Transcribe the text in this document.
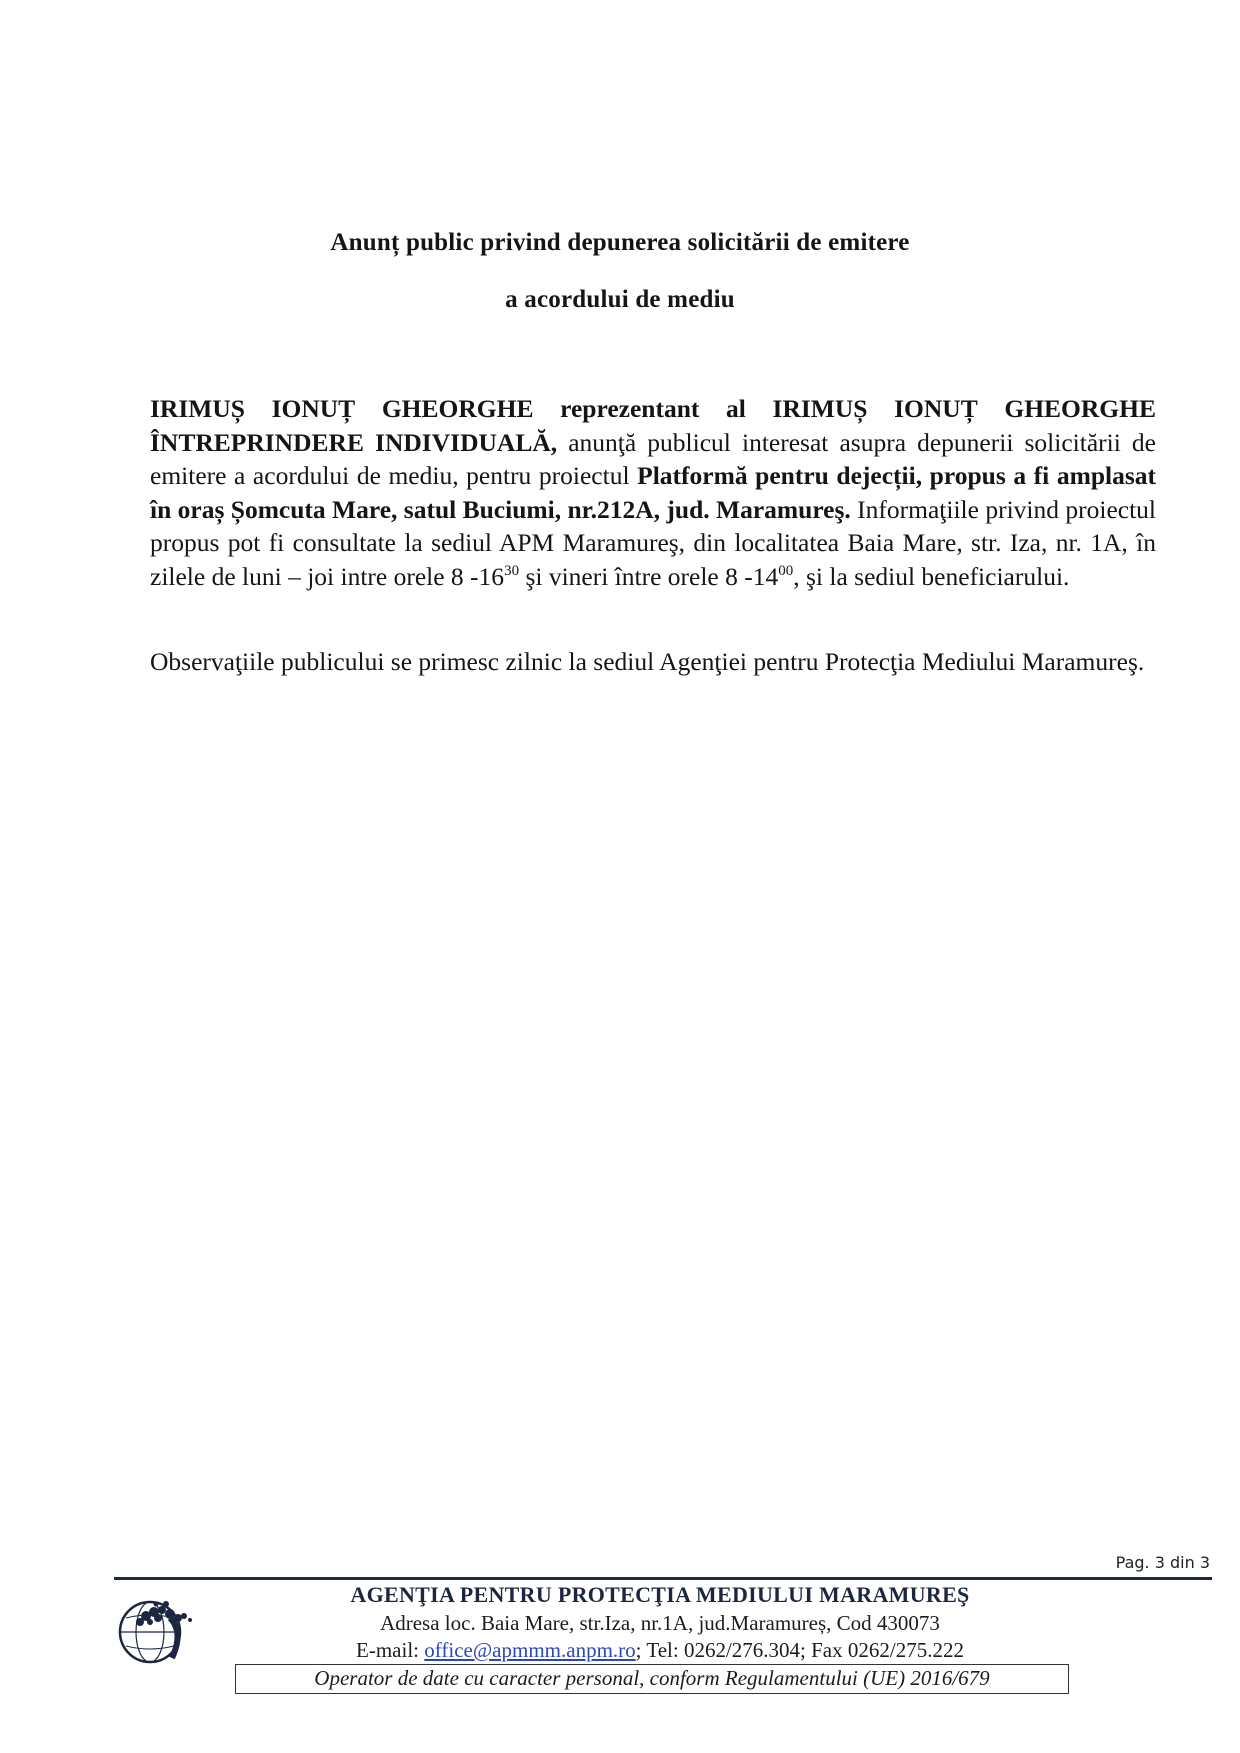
Anunț public privind depunerea solicitării de emitere
a acordului de mediu

IRIMUȘ IONUȚ GHEORGHE reprezentant al IRIMUȘ IONUȚ GHEORGHE ÎNTREPRINDERE INDIVIDUALĂ, anunţă publicul interesat asupra depunerii solicitării de emitere a acordului de mediu, pentru proiectul Platformă pentru dejecții, propus a fi amplasat în oraș Șomcuta Mare, satul Buciumi, nr.212A, jud. Maramureş. Informaţiile privind proiectul propus pot fi consultate la sediul APM Maramureş, din localitatea Baia Mare, str. Iza, nr. 1A, în zilele de luni – joi intre orele 8 $-16^{30}$ şi vineri între orele 8 $-14^{00}$, şi la sediul beneficiarului.

Observaţiile publicului se primesc zilnic la sediul Agenţiei pentru Protecţia Mediului Maramureş.

Pag. 3 din 3
AGENŢIA PENTRU PROTECŢIA MEDIULUI MARAMUREŞ
Adresa loc. Baia Mare, str.Iza, nr.1A, jud.Maramureș, Cod 430073
E-mail: office@apmmm.anpm.ro; Tel: 0262/276.304; Fax 0262/275.222
Operator de date cu caracter personal, conform Regulamentului (UE) 2016/679
